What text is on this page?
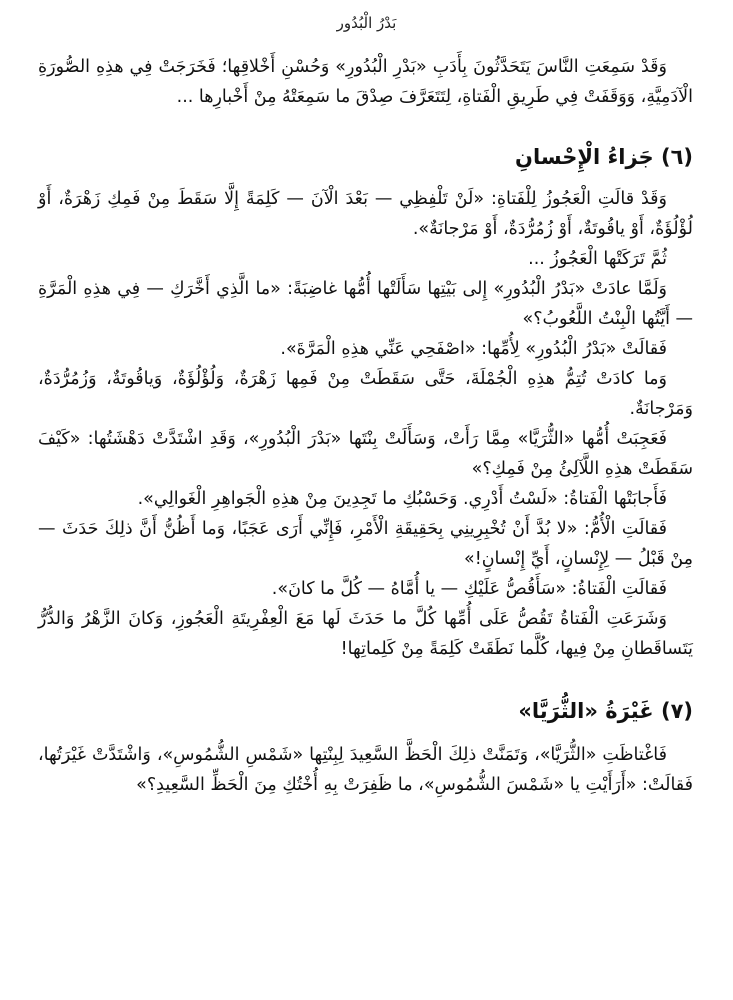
بَدْرُ الْبُدُور

وَقَدْ سَمِعَتِ النَّاسَ يَتَحَدَّثُونَ بِأَدَبِ «بَدْرِ الْبُدُورِ» وَحُسْنِ أَخْلاقِها؛ فَخَرَجَتْ فِي هذِهِ الصُّورَةِ الْآدَمِيَّةِ، وَوَقَفَتْ فِي طَرِيقِ الْفَتاةِ، لِتَتَعَرَّفَ صِدْقَ ما سَمِعَتْهُ مِنْ أَخْبارِها ...

(٦) جَزاءُ الْإِحْسانِ

وَقَدْ قالَتِ الْعَجُوزُ لِلْفَتاةِ: «لَنْ تَلْفِظِي — بَعْدَ الْآنَ — كَلِمَةً إِلَّا سَقَطَ مِنْ فَمِكِ زَهْرَةٌ، أَوْ لُؤْلُؤَةٌ، أَوْ ياقُوتَةٌ، أَوْ زُمُرُّدَةٌ، أَوْ مَرْجانَةٌ».

ثُمَّ تَرَكَتْها الْعَجُوزُ ...

وَلَمَّا عادَتْ «بَدْرُ الْبُدُورِ» إِلى بَيْتِها سَأَلَتْها أُمُّها غاضِبَةً: «ما الَّذِي أَخَّرَكِ — فِي هذِهِ الْمَرَّةِ — أَيَّتُها الْبِنْتُ اللَّعُوبُ؟»

فَقالَتْ «بَدْرُ الْبُدُورِ» لِأُمِّها: «اصْفَحِي عَنِّي هذِهِ الْمَرَّةَ».

وَما كادَتْ تُتِمُّ هذِهِ الْجُمْلَةَ، حَتَّى سَقَطَتْ مِنْ فَمِها زَهْرَةٌ، وَلُؤْلُؤَةٌ، وَياقُوتَةٌ، وَزُمُرُّدَةٌ، وَمَرْجانَةٌ.

فَعَجِبَتْ أُمُّها «الثُّرَيَّا» مِمَّا رَأَتْ، وَسَأَلَتْ بِنْتَها «بَدْرَ الْبُدُورِ»، وَقَدِ اشْتَدَّتْ دَهْشَتُها: «كَيْفَ سَقَطَتْ هذِهِ اللَّآلِئُ مِنْ فَمِكِ؟»

فَأَجابَتْها الْفَتاةُ: «لَسْتُ أَدْرِي. وَحَسْبُكِ ما تَجِدِينَ مِنْ هذِهِ الْجَواهِرِ الْغَوالِي».

فَقالَتِ الْأُمُّ: «لا بُدَّ أَنْ تُخْبِرِينِي بِحَقِيقَةِ الْأَمْرِ، فَإِنِّي أَرَى عَجَبًا، وَما أَظُنُّ أَنَّ ذلِكَ حَدَثَ — مِنْ قَبْلُ — لِإِنْسانٍ، أَيِّ إِنْسانٍ!»

فَقالَتِ الْفَتاةُ: «سَأَقُصُّ عَلَيْكِ — يا أُمَّاهُ — كُلَّ ما كانَ».

وَشَرَعَتِ الْفَتاةُ تَقُصُّ عَلَى أُمِّها كُلَّ ما حَدَثَ لَها مَعَ الْعِفْرِيتَةِ الْعَجُوزِ، وَكانَ الزَّهْرُ وَالدُّرُّ يَتَساقَطانِ مِنْ فِيها، كُلَّما نَطَقَتْ كَلِمَةً مِنْ كَلِماتِها!

(٧) غَيْرَةُ «الثُّرَيَّا»

فَاغْتاظَتِ «الثُّرَيَّا»، وَتَمَنَّتْ ذلِكَ الْحَظَّ السَّعِيدَ لِبِنْتِها «شَمْسِ الشُّمُوسِ»، وَاشْتَدَّتْ غَيْرَتُها، فَقالَتْ: «أَرَأَيْتِ يا «شَمْسَ الشُّمُوسِ»، ما ظَفِرَتْ بِهِ أُخْتُكِ مِنَ الْحَظِّ السَّعِيدِ؟»
